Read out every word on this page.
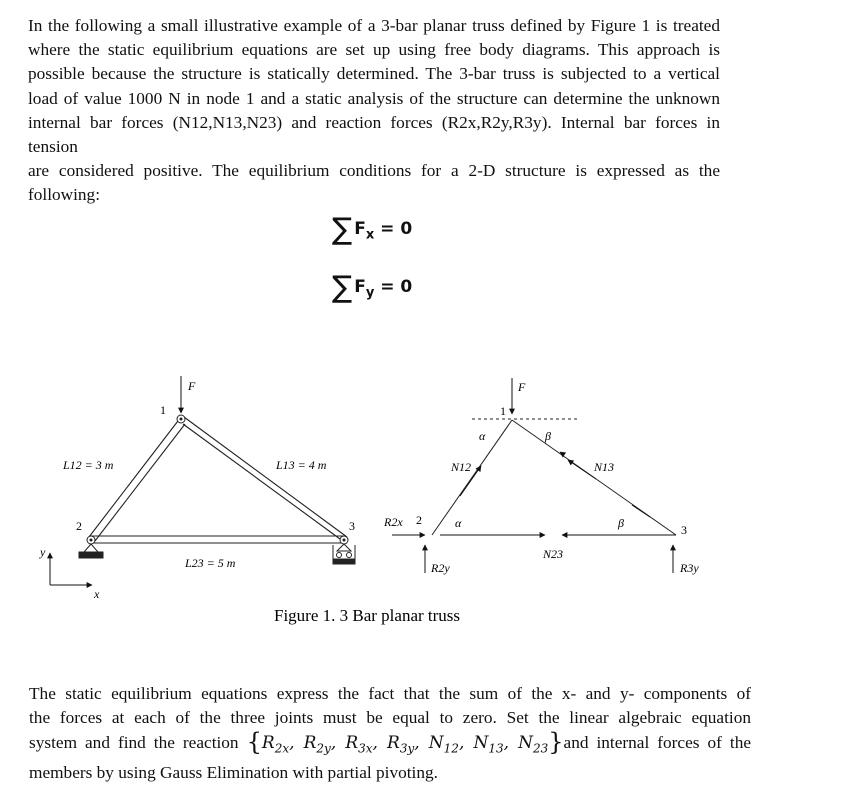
In the following a small illustrative example of a 3-bar planar truss defined by Figure 1 is treated
where the static equilibrium equations are set up using free body diagrams. This approach is
possible because the structure is statically determined. The 3-bar truss is subjected to a vertical
load of value 1000 N in node 1 and a static analysis of the structure can determine the unknown
internal bar forces (N12,N13,N23) and reaction forces (R2x,R2y,R3y). Internal bar forces in tension
are considered positive. The equilibrium conditions for a 2-D structure is expressed as the
following:
∑ $F_x = 0$
∑ $F_y = 0$
F
1
2	3
L12 = 3 m	L13 = 4 m
L23 = 5 m
y
x
F
1
2
3
α	β
α	β
N12	N13
N23
R2x
R2y	R3y
Figure 1. 3 Bar planar truss
The static equilibrium equations express the fact that the sum of the x- and y- components of
the forces at each of the three joints must be equal to zero. Set the linear algebraic equation
system and find the reaction {$R_{2x}$, $R_{2y}$, $R_{3x}$, $R_{3y}$, $N_{12}$, $N_{13}$, $N_{23}\}and$ internal forces of the
members by using Gauss Elimination with partial pivoting.
